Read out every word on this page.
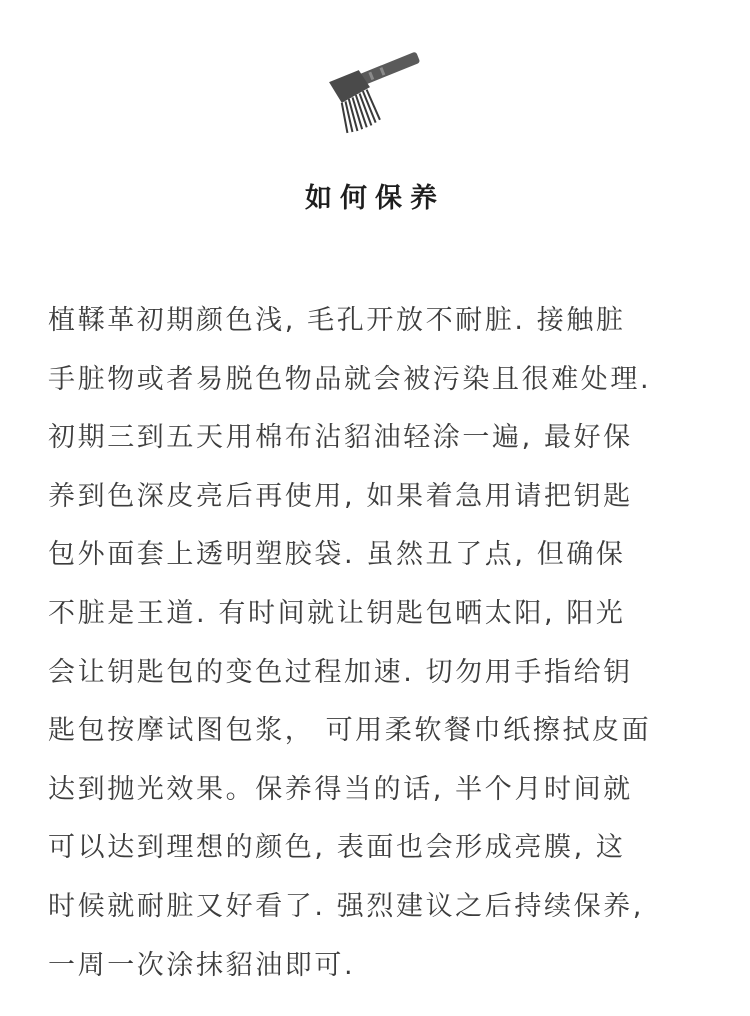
如何保养
植鞣革初期颜色浅, 毛孔开放不耐脏. 接触脏
手脏物或者易脱色物品就会被污染且很难处理.
初期三到五天用棉布沾貂油轻涂一遍, 最好保
养到色深皮亮后再使用, 如果着急用请把钥匙
包外面套上透明塑胶袋. 虽然丑了点, 但确保
不脏是王道. 有时间就让钥匙包晒太阳, 阳光
会让钥匙包的变色过程加速. 切勿用手指给钥
匙包按摩试图包浆， 可用柔软餐巾纸擦拭皮面
达到抛光效果。保养得当的话, 半个月时间就
可以达到理想的颜色, 表面也会形成亮膜, 这
时候就耐脏又好看了. 强烈建议之后持续保养,
一周一次涂抹貂油即可.
